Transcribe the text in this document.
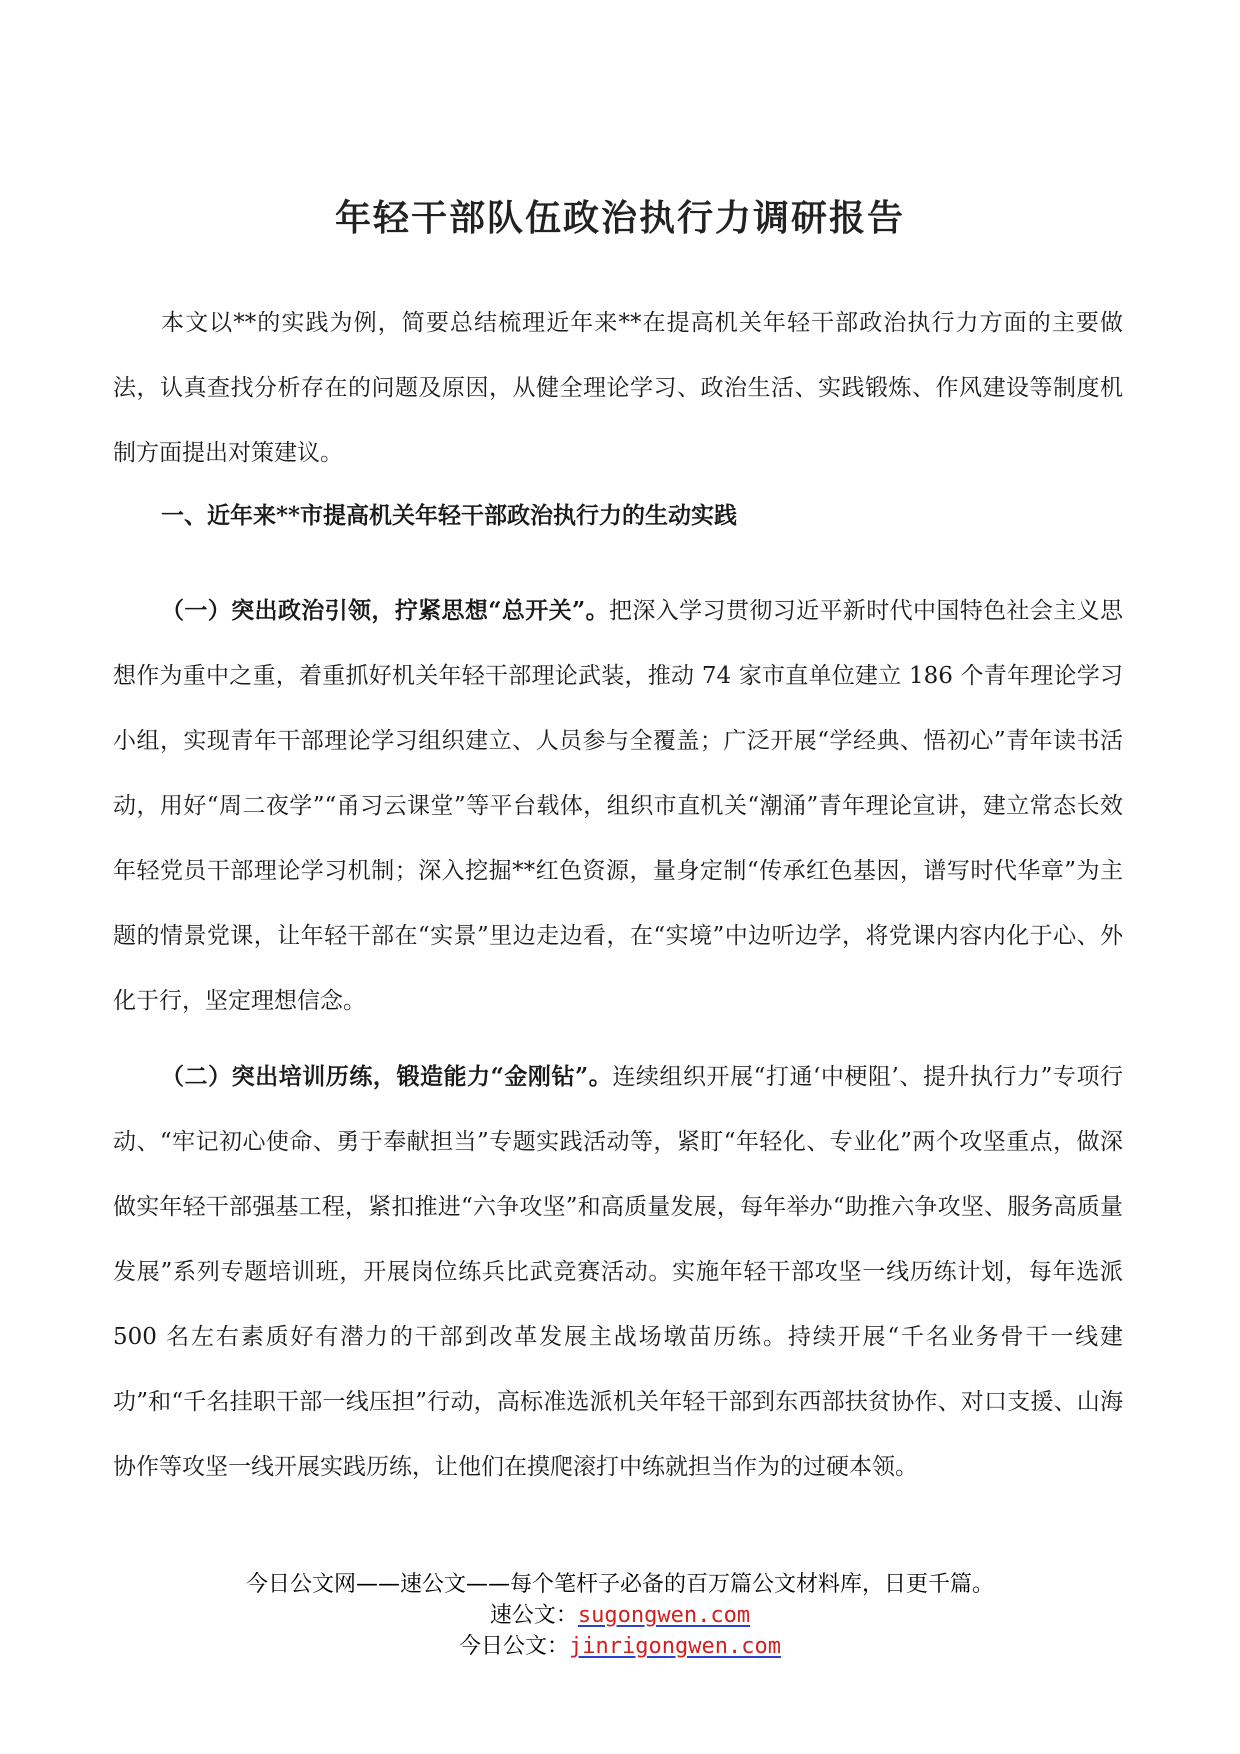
年轻干部队伍政治执行力调研报告

本文以**的实践为例，简要总结梳理近年来**在提高机关年轻干部政治执行力方面的主要做法，认真查找分析存在的问题及原因，从健全理论学习、政治生活、实践锻炼、作风建设等制度机制方面提出对策建议。

一、近年来**市提高机关年轻干部政治执行力的生动实践

（一）突出政治引领，拧紧思想“总开关”。把深入学习贯彻习近平新时代中国特色社会主义思想作为重中之重，着重抓好机关年轻干部理论武装，推动 74 家市直单位建立 186 个青年理论学习小组，实现青年干部理论学习组织建立、人员参与全覆盖；广泛开展“学经典、悟初心”青年读书活动，用好“周二夜学”“甬习云课堂”等平台载体，组织市直机关“潮涌”青年理论宣讲，建立常态长效年轻党员干部理论学习机制；深入挖掘**红色资源，量身定制“传承红色基因，谱写时代华章”为主题的情景党课，让年轻干部在“实景”里边走边看，在“实境”中边听边学，将党课内容内化于心、外化于行，坚定理想信念。

（二）突出培训历练，锻造能力“金刚钻”。连续组织开展“打通‘中梗阻’、提升执行力”专项行动、“牢记初心使命、勇于奉献担当”专题实践活动等，紧盯“年轻化、专业化”两个攻坚重点，做深做实年轻干部强基工程，紧扣推进“六争攻坚”和高质量发展，每年举办“助推六争攻坚、服务高质量发展”系列专题培训班，开展岗位练兵比武竞赛活动。实施年轻干部攻坚一线历练计划，每年选派 500 名左右素质好有潜力的干部到改革发展主战场墩苗历练。持续开展“千名业务骨干一线建功”和“千名挂职干部一线压担”行动，高标准选派机关年轻干部到东西部扶贫协作、对口支援、山海协作等攻坚一线开展实践历练，让他们在摸爬滚打中练就担当作为的过硬本领。

今日公文网——速公文——每个笔杆子必备的百万篇公文材料库，日更千篇。
速公文：sugongwen.com
今日公文：jinrigongwen.com
